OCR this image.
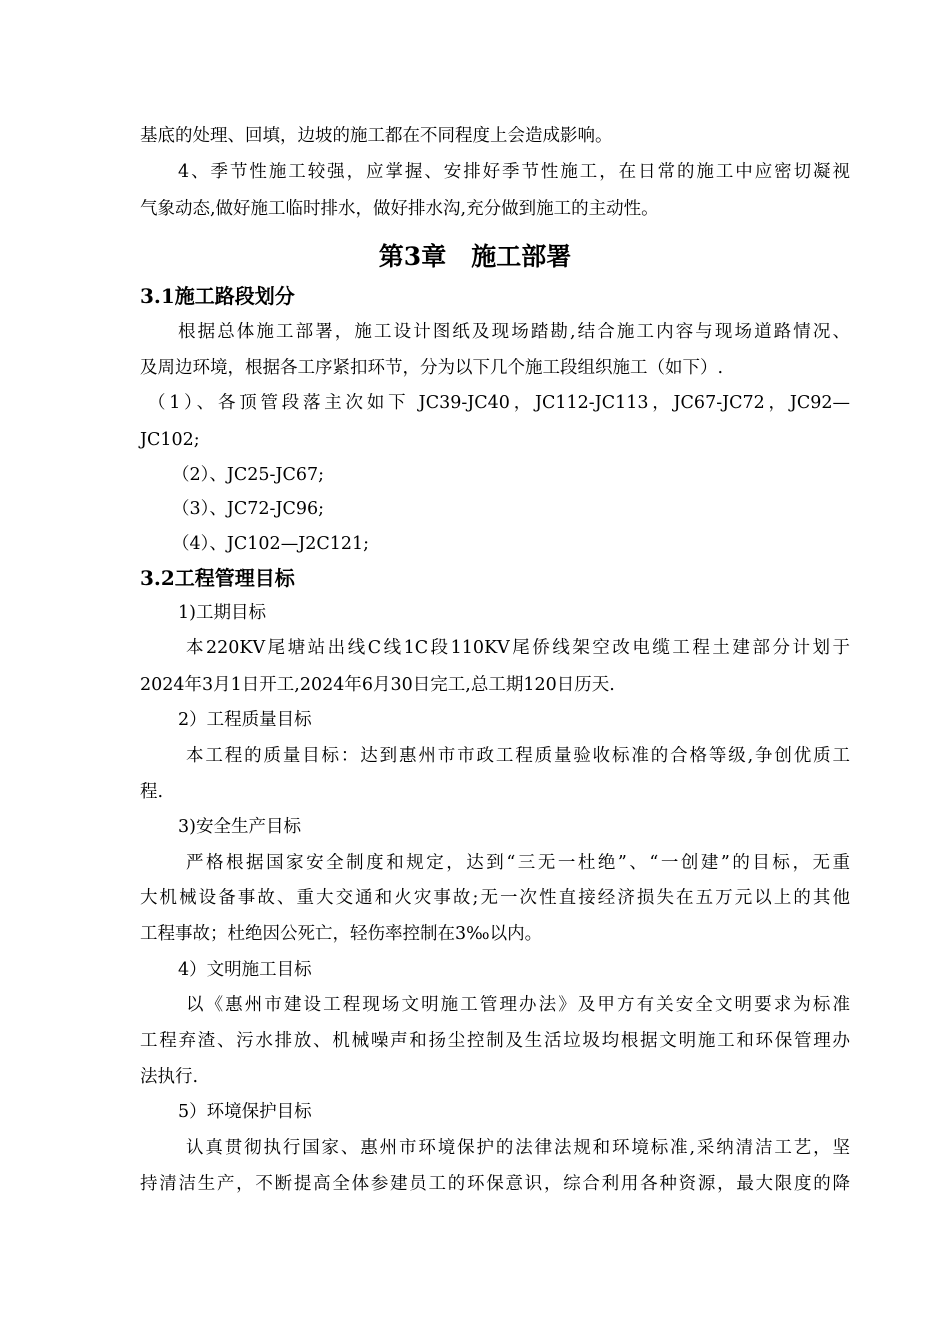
基底的处理、回填，边坡的施工都在不同程度上会造成影响。
4、季节性施工较强，应掌握、安排好季节性施工，在日常的施工中应密切凝视
气象动态,做好施工临时排水，做好排水沟,充分做到施工的主动性。
第3章　施工部署
3.1施工路段划分
根据总体施工部署，施工设计图纸及现场踏勘,结合施工内容与现场道路情况、
及周边环境，根据各工序紧扣环节，分为以下几个施工段组织施工（如下）.
（1）、各顶管段落主次如下 JC39-JC40，JC112-JC113，JC67-JC72，JC92—
JC102;
（2）、JC25-JC67;
（3）、JC72-JC96;
（4）、JC102—J2C121;
3.2工程管理目标
1)工期目标
本220KV尾塘站出线C线1C段110KV尾侨线架空改电缆工程土建部分计划于
2024年3月1日开工,2024年6月30日完工,总工期120日历天.
2）工程质量目标
本工程的质量目标：达到惠州市市政工程质量验收标准的合格等级,争创优质工
程.
3)安全生产目标
严格根据国家安全制度和规定，达到“三无一杜绝”、“一创建”的目标，无重
大机械设备事故、重大交通和火灾事故;无一次性直接经济损失在五万元以上的其他
工程事故；杜绝因公死亡，轻伤率控制在3‰以内。
4）文明施工目标
以《惠州市建设工程现场文明施工管理办法》及甲方有关安全文明要求为标准
工程弃渣、污水排放、机械噪声和扬尘控制及生活垃圾均根据文明施工和环保管理办
法执行.
5）环境保护目标
认真贯彻执行国家、惠州市环境保护的法律法规和环境标准,采纳清洁工艺，坚
持清洁生产，不断提高全体参建员工的环保意识，综合利用各种资源，最大限度的降
